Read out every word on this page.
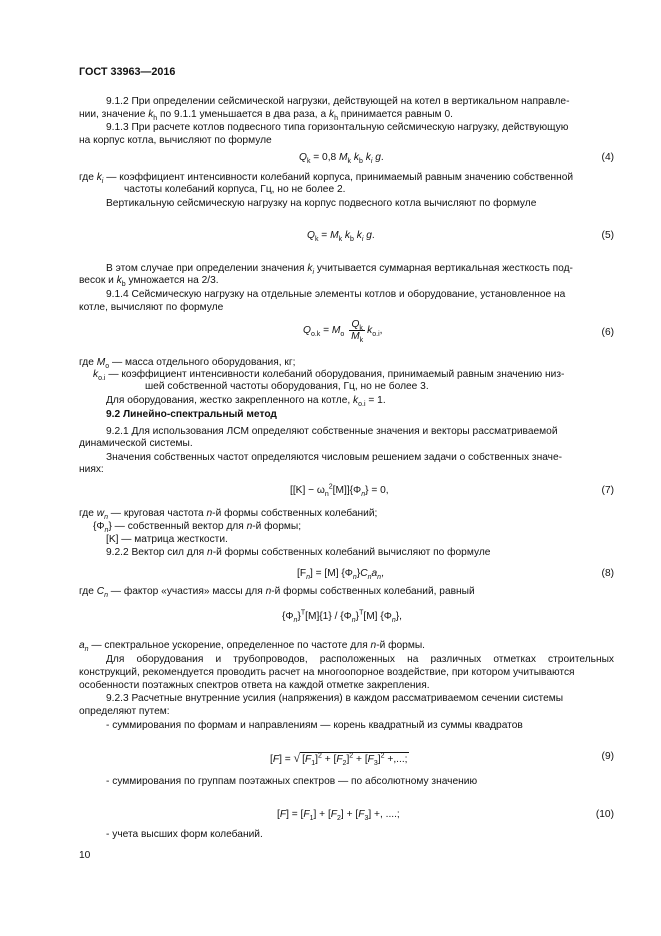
ГОСТ 33963—2016
9.1.2 При определении сейсмической нагрузки, действующей на котел в вертикальном направле-
нии, значение $k_h$ по 9.1.1 уменьшается в два раза, а $k_h$ принимается равным 0.
9.1.3 При расчете котлов подвесного типа горизонтальную сейсмическую нагрузку, действующую
на корпус котла, вычисляют по формуле
$Q_k = 0,8$ $M_k$ $k_b$ $k_i$ g.	(4)
где $k_i$ — коэффициент интенсивности колебаний корпуса, принимаемый равным значению собственной
частоты колебаний корпуса, Гц, но не более 2.
Вертикальную сейсмическую нагрузку на корпус подвесного котла вычисляют по формуле
$Q_k = M_k$ $k_b$ $k_i$ g.	(5)
В этом случае при определении значения $k_i$ учитывается суммарная вертикальная жесткость под-
весок и $k_b$ умножается на 2/3.
9.1.4 Сейсмическую нагрузку на отдельные элементы котлов и оборудование, установленное на
котле, вычисляют по формуле
$Q_{o.k} = M_o \frac{Q_k}{M_k} k_{o.i}$,	(6)
где $M_o$ — масса отдельного оборудования, кг;
$k_{o.i}$ — коэффициент интенсивности колебаний оборудования, принимаемый равным значению низ-
шей собственной частоты оборудования, Гц, но не более 3.
Для оборудования, жестко закрепленного на котле, $k_{o.i} = 1$.
9.2 Линейно-спектральный метод
9.2.1 Для использования ЛСМ определяют собственные значения и векторы рассматриваемой
динамической системы.
Значения собственных частот определяются числовым решением задачи о собственных значе-
ниях:
$[[K] - \omega_n^2[M]]\{\Phi_n\} = 0$,	(7)
где $w_n$ — круговая частота n-й формы собственных колебаний;
$\{\Phi_n\}$ — собственный вектор для n-й формы;
[K] — матрица жесткости.
9.2.2 Вектор сил для n-й формы собственных колебаний вычисляют по формуле
$[F_n] = [M]$ $\{\Phi_n\}C_na_n$,	(8)
где $C_n$ — фактор «участия» массы для n-й формы собственных колебаний, равный
$\{\Phi_n\}^T[M]\{1\} / \{\Phi_n\}^T[M]$ $\{\Phi_n\}$,
$a_n$ — спектральное ускорение, определенное по частоте для n-й формы.
Для оборудования и трубопроводов, расположенных на различных отметках строительных
конструкций, рекомендуется проводить расчет на многоопорное воздействие, при котором учитываются
особенности поэтажных спектров ответа на каждой отметке закрепления.
9.2.3 Расчетные внутренние усилия (напряжения) в каждом рассматриваемом сечении системы
определяют путем:
- суммирования по формам и направлениям — корень квадратный из суммы квадратов
[F] = √ $[F_1]^2 + [F_2]^2 + [F_3]^2$ +,...;	(9)
- суммирования по группам поэтажных спектров — по абсолютному значению
$[F] = [F_1] + [F_2] + [F_3]$ +, ....;	(10)
- учета высших форм колебаний.
10
